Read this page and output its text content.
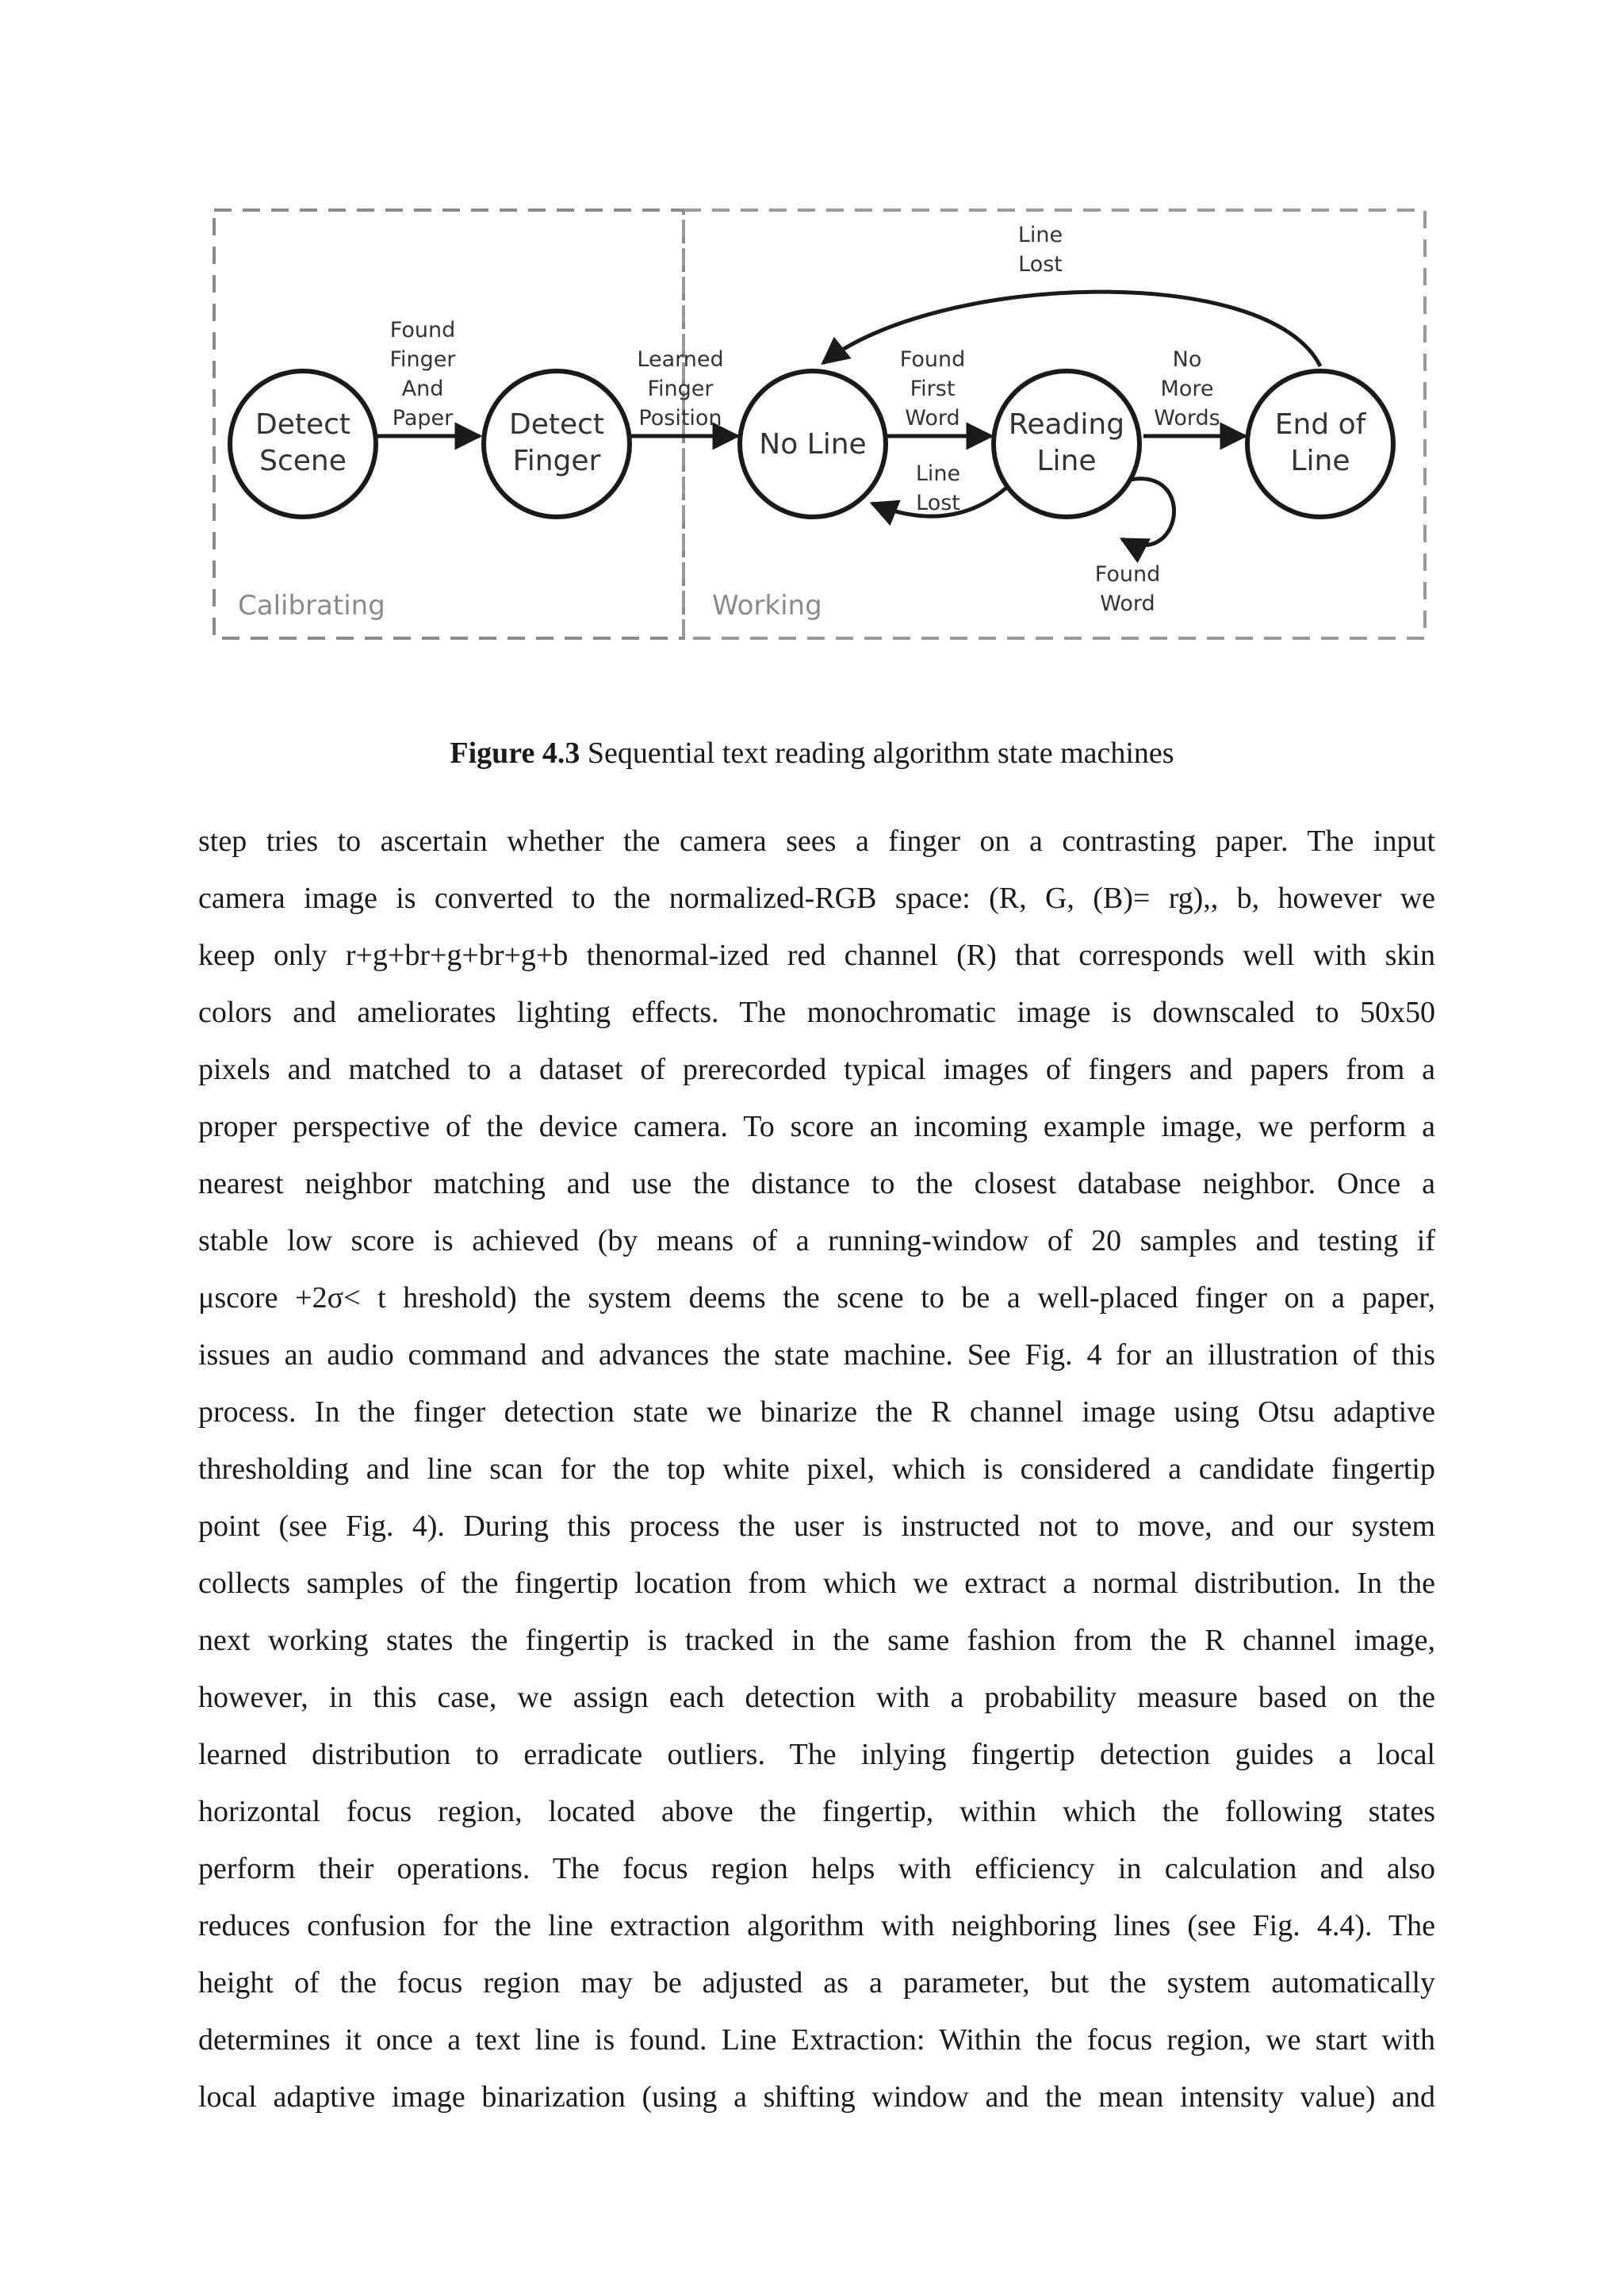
Calibrating	Working
Detect
Scene
Detect
Finger
No Line
Reading
Line
End of
Line
Found
Finger
And
Paper
Learned
Finger
Position
Found
First
Word
Line
Lost
No
More
Words
Line
Lost
Found
Word
Figure 4.3 Sequential text reading algorithm state machines
step tries to ascertain whether the camera sees a finger on a contrasting paper. The input
camera image is converted to the normalized-RGB space: (R, G, (B)= rg),, b, however we
keep only r+g+br+g+br+g+b thenormal-ized red channel (R) that corresponds well with skin
colors and ameliorates lighting effects. The monochromatic image is downscaled to 50x50
pixels and matched to a dataset of prerecorded typical images of fingers and papers from a
proper perspective of the device camera. To score an incoming example image, we perform a
nearest neighbor matching and use the distance to the closest database neighbor. Once a
stable low score is achieved (by means of a running-window of 20 samples and testing if
μscore +2σ< t hreshold) the system deems the scene to be a well-placed finger on a paper,
issues an audio command and advances the state machine. See Fig. 4 for an illustration of this
process. In the finger detection state we binarize the R channel image using Otsu adaptive
thresholding and line scan for the top white pixel, which is considered a candidate fingertip
point (see Fig. 4). During this process the user is instructed not to move, and our system
collects samples of the fingertip location from which we extract a normal distribution. In the
next working states the fingertip is tracked in the same fashion from the R channel image,
however, in this case, we assign each detection with a probability measure based on the
learned distribution to erradicate outliers. The inlying fingertip detection guides a local
horizontal focus region, located above the fingertip, within which the following states
perform their operations. The focus region helps with efficiency in calculation and also
reduces confusion for the line extraction algorithm with neighboring lines (see Fig. 4.4). The
height of the focus region may be adjusted as a parameter, but the system automatically
determines it once a text line is found. Line Extraction: Within the focus region, we start with
local adaptive image binarization (using a shifting window and the mean intensity value) and
